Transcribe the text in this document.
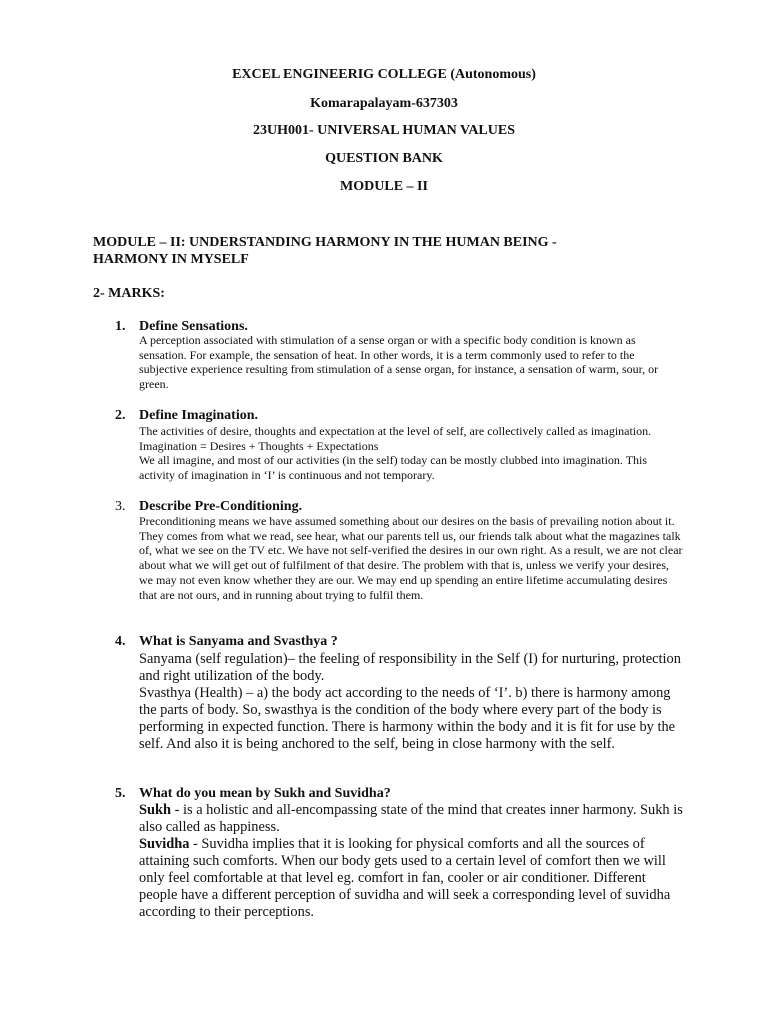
EXCEL ENGINEERIG COLLEGE (Autonomous)

Komarapalayam-637303

23UH001- UNIVERSAL HUMAN VALUES

QUESTION BANK

MODULE – II

MODULE – II: UNDERSTANDING HARMONY IN THE HUMAN BEING - HARMONY IN MYSELF

2- MARKS:

1. Define Sensations.

A perception associated with stimulation of a sense organ or with a specific body condition is known as sensation. For example, the sensation of heat. In other words, it is a term commonly used to refer to the subjective experience resulting from stimulation of a sense organ, for instance, a sensation of warm, sour, or green.

2. Define Imagination.

The activities of desire, thoughts and expectation at the level of self, are collectively called as imagination. Imagination = Desires + Thoughts + Expectations

We all imagine, and most of our activities (in the self) today can be mostly clubbed into imagination. This activity of imagination in ‘I’ is continuous and not temporary.

3. Describe Pre-Conditioning.

Preconditioning means we have assumed something about our desires on the basis of prevailing notion about it. They comes from what we read, see hear, what our parents tell us, our friends talk about what the magazines talk of, what we see on the TV etc. We have not self-verified the desires in our own right. As a result, we are not clear about what we will get out of fulfilment of that desire. The problem with that is, unless we verify your desires, we may not even know whether they are our. We may end up spending an entire lifetime accumulating desires that are not ours, and in running about trying to fulfil them.

4. What is Sanyama and Svasthya ?

Sanyama (self regulation)– the feeling of responsibility in the Self (I) for nurturing, protection and right utilization of the body.

Svasthya (Health) – a) the body act according to the needs of ‘I’. b) there is harmony among the parts of body. So, swasthya is the condition of the body where every part of the body is performing in expected function. There is harmony within the body and it is fit for use by the self. And also it is being anchored to the self, being in close harmony with the self.

5. What do you mean by Sukh and Suvidha?

Sukh - is a holistic and all-encompassing state of the mind that creates inner harmony. Sukh is also called as happiness.

Suvidha - Suvidha implies that it is looking for physical comforts and all the sources of attaining such comforts. When our body gets used to a certain level of comfort then we will only feel comfortable at that level eg. comfort in fan, cooler or air conditioner. Different people have a different perception of suvidha and will seek a corresponding level of suvidha according to their perceptions.
